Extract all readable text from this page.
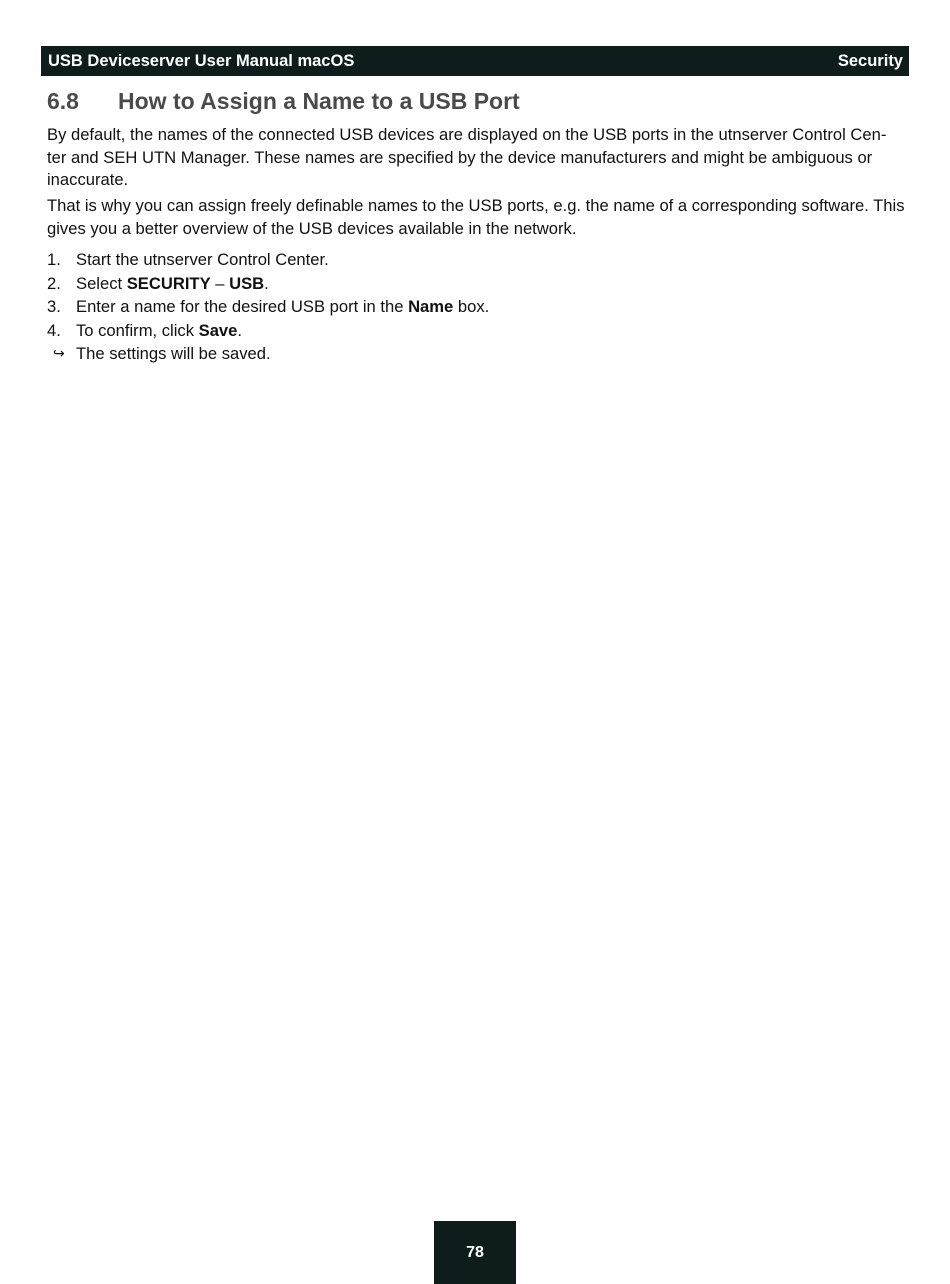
USB Deviceserver User Manual macOS	Security
6.8	How to Assign a Name to a USB Port

By default, the names of the connected USB devices are displayed on the USB ports in the utnserver Control Cen-ter and SEH UTN Manager. These names are specified by the device manufacturers and might be ambiguous or inaccurate.

That is why you can assign freely definable names to the USB ports, e.g. the name of a corresponding software. This gives you a better overview of the USB devices available in the network.

1. Start the utnserver Control Center.
2. Select SECURITY – USB.
3. Enter a name for the desired USB port in the Name box.
4. To confirm, click Save.
↪ The settings will be saved.
78
